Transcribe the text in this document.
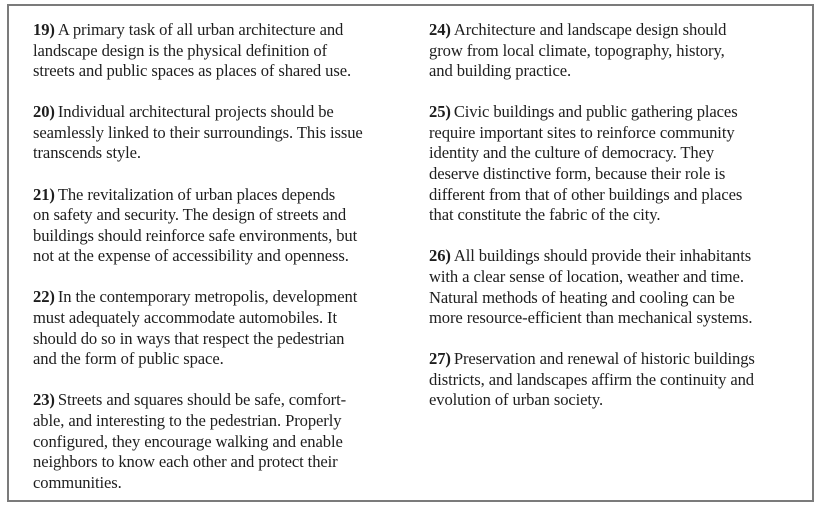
19) A primary task of all urban architecture and
landscape design is the physical definition of
streets and public spaces as places of shared use.
20) Individual architectural projects should be
seamlessly linked to their surroundings. This issue
transcends style.
21) The revitalization of urban places depends
on safety and security. The design of streets and
buildings should reinforce safe environments, but
not at the expense of accessibility and openness.
22) In the contemporary metropolis, development
must adequately accommodate automobiles. It
should do so in ways that respect the pedestrian
and the form of public space.
23) Streets and squares should be safe, comfort-
able, and interesting to the pedestrian. Properly
configured, they encourage walking and enable
neighbors to know each other and protect their
communities.
24) Architecture and landscape design should
grow from local climate, topography, history,
and building practice.
25) Civic buildings and public gathering places
require important sites to reinforce community
identity and the culture of democracy. They
deserve distinctive form, because their role is
different from that of other buildings and places
that constitute the fabric of the city.
26) All buildings should provide their inhabitants
with a clear sense of location, weather and time.
Natural methods of heating and cooling can be
more resource-efficient than mechanical systems.
27) Preservation and renewal of historic buildings
districts, and landscapes affirm the continuity and
evolution of urban society.
